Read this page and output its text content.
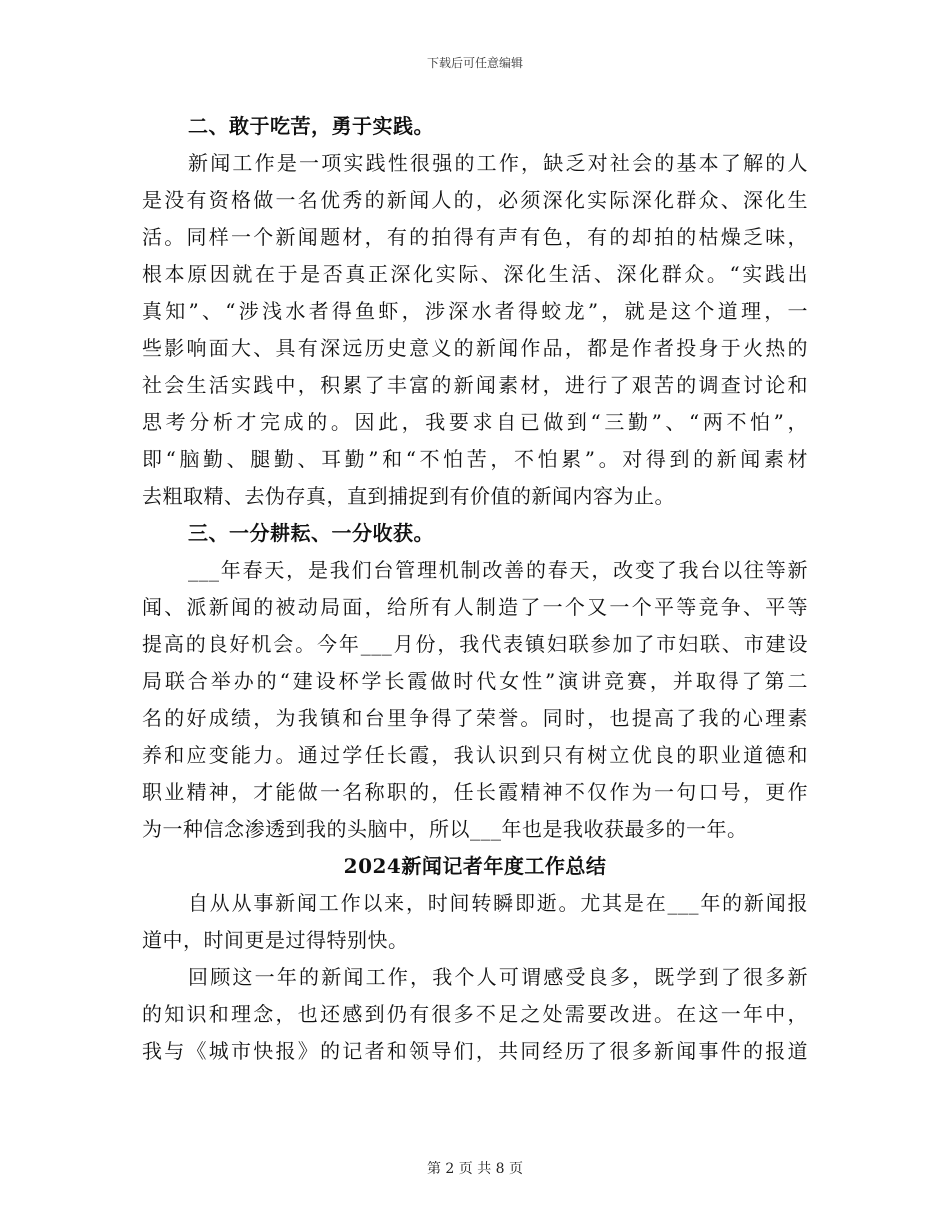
下载后可任意编辑
二、敢于吃苦，勇于实践。
新闻工作是一项实践性很强的工作，缺乏对社会的基本了解的人
是没有资格做一名优秀的新闻人的，必须深化实际深化群众、深化生
活。同样一个新闻题材，有的拍得有声有色，有的却拍的枯燥乏味，
根本原因就在于是否真正深化实际、深化生活、深化群众。“实践出
真知”、“涉浅水者得鱼虾，涉深水者得蛟龙”，就是这个道理，一
些影响面大、具有深远历史意义的新闻作品，都是作者投身于火热的
社会生活实践中，积累了丰富的新闻素材，进行了艰苦的调查讨论和
思考分析才完成的。因此，我要求自已做到“三勤”、“两不怕”，
即“脑勤、腿勤、耳勤”和“不怕苦，不怕累”。对得到的新闻素材
去粗取精、去伪存真，直到捕捉到有价值的新闻内容为止。
三、一分耕耘、一分收获。
___年春天，是我们台管理机制改善的春天，改变了我台以往等新
闻、派新闻的被动局面，给所有人制造了一个又一个平等竞争、平等
提高的良好机会。今年___月份，我代表镇妇联参加了市妇联、市建设
局联合举办的“建设杯学长霞做时代女性”演讲竞赛，并取得了第二
名的好成绩，为我镇和台里争得了荣誉。同时，也提高了我的心理素
养和应变能力。通过学任长霞，我认识到只有树立优良的职业道德和
职业精神，才能做一名称职的，任长霞精神不仅作为一句口号，更作
为一种信念渗透到我的头脑中，所以___年也是我收获最多的一年。
2024新闻记者年度工作总结
自从从事新闻工作以来，时间转瞬即逝。尤其是在___年的新闻报
道中，时间更是过得特别快。
回顾这一年的新闻工作，我个人可谓感受良多，既学到了很多新
的知识和理念，也还感到仍有很多不足之处需要改进。在这一年中，
我与《城市快报》的记者和领导们，共同经历了很多新闻事件的报道
第 2 页 共 8 页
